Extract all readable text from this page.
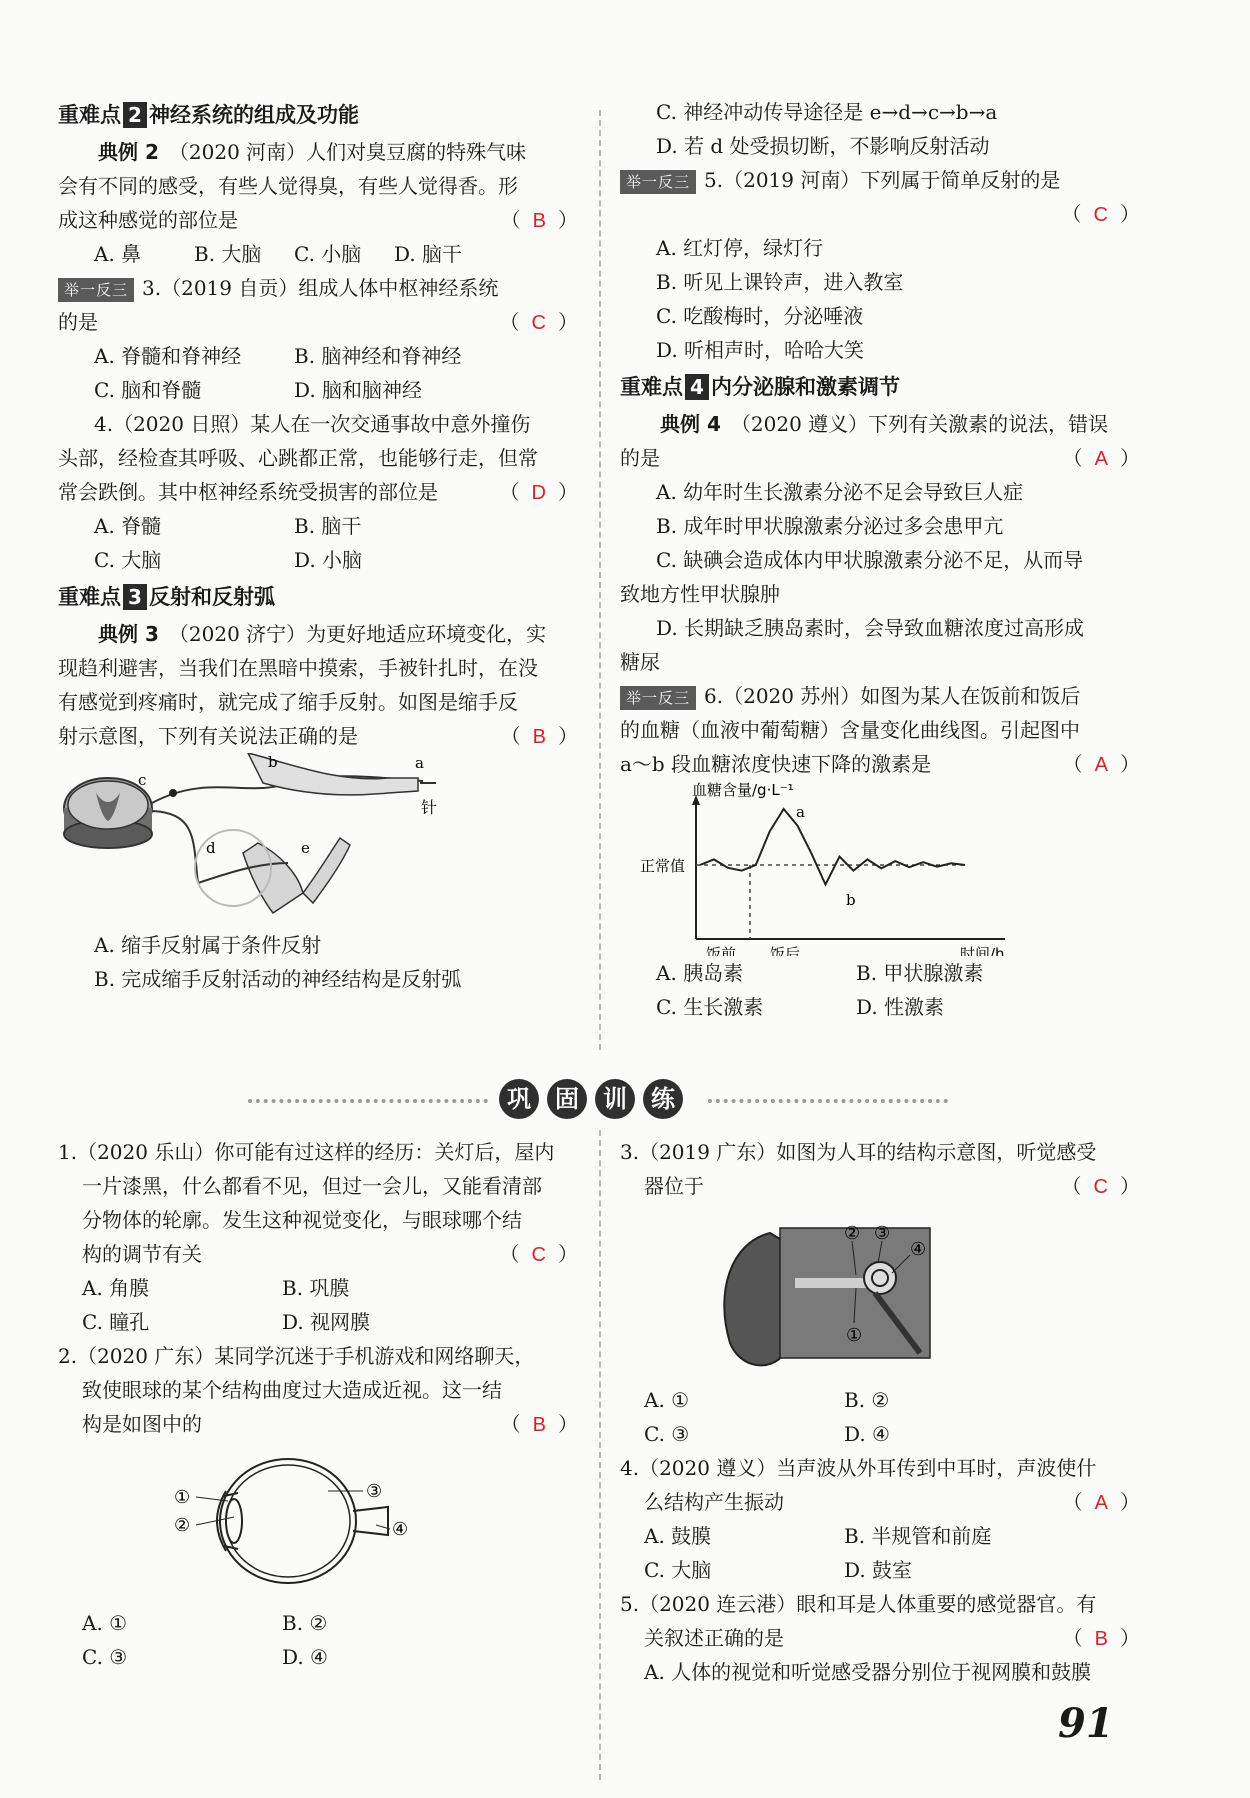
重难点 2 神经系统的组成及功能
典例 2　 （2020 河南）人们对臭豆腐的特殊气味
会有不同的感受，有些人觉得臭，有些人觉得香。形
成这种感觉的部位是	（ B ）
A. 鼻	B. 大脑	C. 小脑	D. 脑干
举一反三 3.（2019 自贡）组成人体中枢神经系统
的是	（ C ）
A. 脊髓和脊神经	B. 脑神经和脊神经
C. 脑和脊髓	D. 脑和脑神经
4.（2020 日照）某人在一次交通事故中意外撞伤
头部，经检查其呼吸、心跳都正常，也能够行走，但常
常会跌倒。其中枢神经系统受损害的部位是	（ D ）
A. 脊髓	B. 脑干
C. 大脑	D. 小脑
重难点 3 反射和反射弧
典例 3　 （2020 济宁）为更好地适应环境变化，实
现趋利避害，当我们在黑暗中摸索，手被针扎时，在没
有感觉到疼痛时，就完成了缩手反射。如图是缩手反
射示意图，下列有关说法正确的是	（ B ）
b	a
c
针
d	e
A. 缩手反射属于条件反射
B. 完成缩手反射活动的神经结构是反射弧
C. 神经冲动传导途径是 e→d→c→b→a
D. 若 d 处受损切断，不影响反射活动
举一反三 5.（2019 河南）下列属于简单反射的是
（ C ）
A. 红灯停，绿灯行
B. 听见上课铃声，进入教室
C. 吃酸梅时，分泌唾液
D. 听相声时，哈哈大笑
重难点 4 内分泌腺和激素调节
典例 4　 （2020 遵义）下列有关激素的说法，错误
的是	（ A ）
A. 幼年时生长激素分泌不足会导致巨人症
B. 成年时甲状腺激素分泌过多会患甲亢
C. 缺碘会造成体内甲状腺激素分泌不足，从而导
致地方性甲状腺肿
D. 长期缺乏胰岛素时，会导致血糖浓度过高形成
糖尿
举一反三 6.（2020 苏州）如图为某人在饭前和饭后
的血糖（血液中葡萄糖）含量变化曲线图。引起图中
a～b 段血糖浓度快速下降的激素是	（ A ）
血糖含量/g·L⁻¹
正常值
a
b
饭前 饭后	时间/h
A. 胰岛素	B. 甲状腺激素
C. 生长激素	D. 性激素
巩 固 训 练
1.（2020 乐山）你可能有过这样的经历：关灯后，屋内
一片漆黑，什么都看不见，但过一会儿，又能看清部
分物体的轮廓。发生这种视觉变化，与眼球哪个结
构的调节有关	（ C ）
A. 角膜	B. 巩膜
C. 瞳孔	D. 视网膜
2.（2020 广东）某同学沉迷于手机游戏和网络聊天，
致使眼球的某个结构曲度过大造成近视。这一结
构是如图中的	（ B ）
①
②
③
④
A. ①	B. ②
C. ③	D. ④
3.（2019 广东）如图为人耳的结构示意图，听觉感受
器位于	（ C ）
② ③
④
①
A. ①	B. ②
C. ③	D. ④
4.（2020 遵义）当声波从外耳传到中耳时，声波使什
么结构产生振动	（ A ）
A. 鼓膜	B. 半规管和前庭
C. 大脑	D. 鼓室
5.（2020 连云港）眼和耳是人体重要的感觉器官。有
关叙述正确的是	（ B ）
A. 人体的视觉和听觉感受器分别位于视网膜和鼓膜
91
